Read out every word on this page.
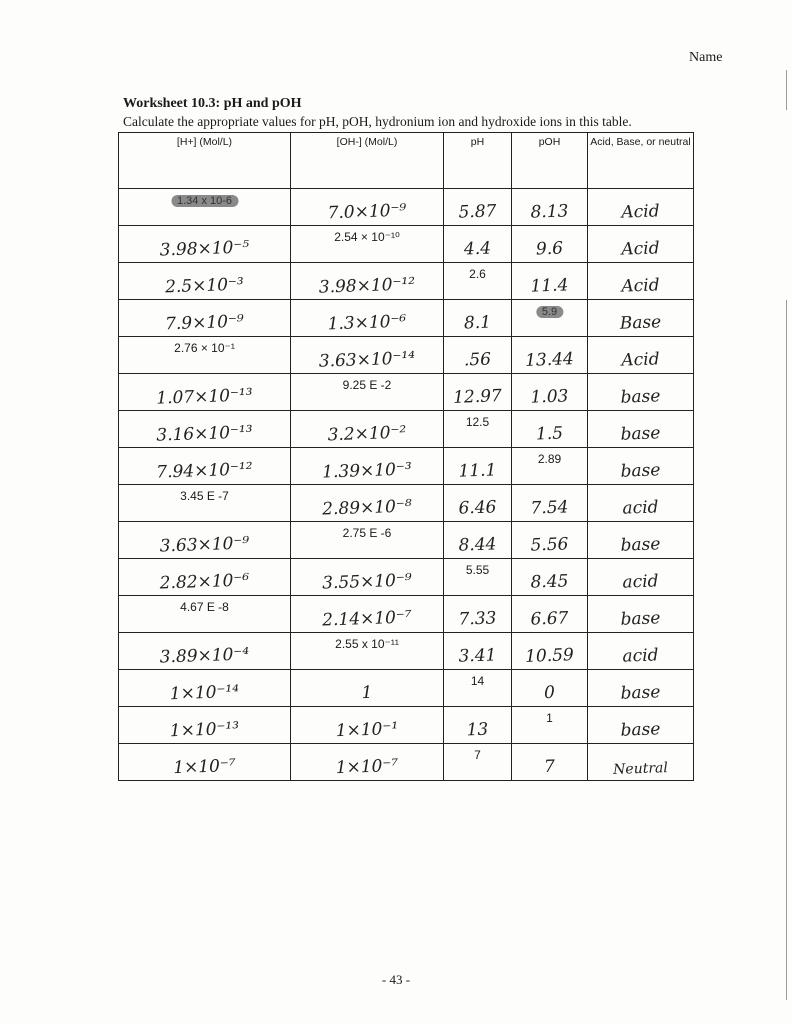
Name
Worksheet 10.3: pH and pOH
Calculate the appropriate values for pH, pOH, hydronium ion and hydroxide ions in this table.
[H+] (Mol/L)	[OH-] (Mol/L)	pH	pOH	Acid, Base, or neutral

1.34 x 10-6	7.0×10⁻⁹	5.87	8.13	Acid

3.98×10⁻⁵	2.54 × 10⁻¹⁰	4.4	9.6	Acid

2.5×10⁻³	3.98×10⁻¹²	2.6	11.4	Acid

7.9×10⁻⁹	1.3×10⁻⁶	8.1	5.9	Base

2.76 × 10⁻¹	3.63×10⁻¹⁴	.56	13.44	Acid

1.07×10⁻¹³	9.25 E -2	12.97	1.03	base

3.16×10⁻¹³	3.2×10⁻²	12.5	1.5	base

7.94×10⁻¹²	1.39×10⁻³	11.1	2.89	base

3.45 E -7	2.89×10⁻⁸	6.46	7.54	acid

3.63×10⁻⁹	2.75 E -6	8.44	5.56	base

2.82×10⁻⁶	3.55×10⁻⁹	5.55	8.45	acid

4.67 E -8	2.14×10⁻⁷	7.33	6.67	base

3.89×10⁻⁴	2.55 x 10⁻¹¹	3.41	10.59	acid

1×10⁻¹⁴	1	14	0	base

1×10⁻¹³	1×10⁻¹	13	1	base

1×10⁻⁷	1×10⁻⁷	7	7	Neutral
- 43 -
